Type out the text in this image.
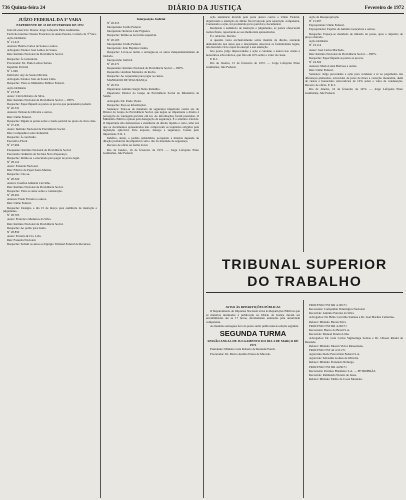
736 Quinta-feira 24	DIÁRIO DA JUSTIÇA	Fevereiro de 1972
JUÍZO FEDERAL DA 3ª VARA
EXPEDIENTE DE 13 DE FEVEREIRO DE 1972

Juiz em exercício: Doutor Jorge Lafayette Pinto Guimarães.

Escrivão interino: Doutor Francisco de Assis Pereira, Cartório da 3ª Vara.

Ação Ordinária

Nº 21.415

Autores: Benito Carlos de Sousa e outros.

Advogado: Doutor José Lemos de Sousa.

Réu: Instituto Nacional de Previdência Social.

Despacho: À Contadoria.

Procurador: Dr. Paulo Lemos Seixas.

Inquérito Policial

Nº 1.049

Indiciado: Ary de Souza Oliveira.

Advogado: Doutor João de Souza Lima.

Despacho: Vista ao Ministério Público Federal.

Ação Ordinária

Nº 23.518

Autor: Clóvis Ribeiro da Silva.

Réu: Instituto Nacional de Previdência Social — INPS.

Despacho: Especifiquem as partes as provas que pretendem produzir.

Nº 26.531

Autores: Nelson de Oliveira e outros.

Réu: União Federal.

Despacho: Digam as partes sobre o laudo pericial no prazo de cinco dias.

Nº 27.233

Autor: Instituto Nacional de Previdência Social.

Réu: Companhia Cedro Industrial.

Despacho: À conclusão.

Executivo Fiscal

Nº 27.904

Exequente: Instituto Nacional de Previdência Social.

Executado: Indústria de Tecidos Nova Esperança.

Despacho: Intime-se o executado para pagar no prazo legal.

Nº 28.116

Autor: Fazenda Nacional.

Réu: Fábrica de Papel Santa Marina.

Despacho: Cite-se.

Nº 28.320

Autora: Josefina Almeida Carvalho.

Réu: Instituto Nacional de Previdência Social.

Despacho: Vista ao autor sobre a contestação.

Nº 28.491

Autores: Paulo Ferreira e outros.

Réu: União Federal.

Despacho: Designo o dia 15 de março para audiência de instrução e julgamento.

Nº 28.703

Autor: Francisco Medeiros da Silva.

Réu: Instituto Nacional de Previdência Social.

Despacho: Ao perito para laudo.

Nº 28.850

Autor: Ferreira & Cia. Ltda.

Réu: Fazenda Nacional.

Despacho: Subam os autos ao Egrégio Tribunal Federal de Recursos.

Interposição Judicial

Nº 20.015

Interpelante: União Federal.

Interpelado: Roberto Luiz Figueira.

Despacho: Intime-se na forma requerida.

Nº 20.103

Interpelante: União Federal.

Interpelado: João Baptista Cunha.

Despacho: Lavre-se termo e entregue-se os autos independentemente de traslado.

Interposição Judicial

Nº 20.271

Requerente: Instituto Nacional de Previdência Social — INPS.

Requerido: Antônio Monteiro da Rocha.

Despacho: Ao requerente para pagar as custas.

MANDADO DE SEGURANÇA

Nº 20.351

Impetrante: Antônio Sergio Netto Ramalho.

Impetrado: Diretor do Grupo de Previdência Social do Ministério da Saúde.

Advogado: Dr. Paulo Vieira.

Despacho: Peça-se informações.

Sentença: Trata-se de mandado de segurança impetrado contra ato do Diretor do Grupo de Previdência Social, que negou ao impetrante o direito à percepção de vantagem prevista em lei. As informações foram prestadas. O Ministério Público opinou pela denegação da segurança. É o relatório. Decido. O impetrante não demonstrou a existência de direito líquido e certo, uma vez que os documentos apresentados não comprovam os requisitos exigidos pela legislação aplicável. Pelo exposto, denego a segurança. Custas pelo impetrante. P. R. I.

Indefiro, ainda, o pedido subsidiário, porquanto a matéria depende de dilação probatória incompatível com o rito do mandado de segurança.

Recorro de ofício na forma da lei.

Rio de Janeiro, 16 de fevereiro de 1972. — Jorge Lafayette Pinto Guimarães, Juiz Federal.

ação anulatória movida pela parte autora contra a União Federal, objetivando a anulação de débito fiscal lançado pela repartição competente. Contestada a ação, foi produzida prova pericial e documental.

Realizada a audiência de instrução e julgamento, as partes ofereceram razões finais, reportando-se aos memoriais apresentados.

É o relatório. Decido.

A questão versa exclusivamente sobre matéria de direito, restando demonstrado nos autos que o lançamento observou as formalidades legais, não havendo vício capaz de ensejar a sua anulação.

Isto posto, julgo improcedente a ação e condeno a autora nas custas e honorários advocatícios, que fixo em 10% sobre o valor da causa.

P. R. I.

Rio de Janeiro, 15 de fevereiro de 1972. — Jorge Lafayette Pinto Guimarães, Juiz Federal.

Ação de Desapropriação

Nº 21.007

Expropriante: União Federal.

Expropriados: Espólio de Antônio Gonçalves e outros.

Despacho: Expeça-se mandado de imissão de posse, após o depósito do preço ofertado.

Ação Ordinária

Nº 23.114

Autor: José Carlos Machado.

Réu: Instituto Nacional de Previdência Social — INPS.

Despacho: Especifiquem as partes as provas.

Nº 24.562

Autores: Maria Luiza Barbosa e outras.

Réu: União Federal.

Sentença: Julgo procedente a ação para condenar a ré ao pagamento das diferenças pleiteadas, acrescidas de juros de mora e correção monetária, além de custas e honorários advocatícios de 10% sobre o valor da condenação. Recorro de ofício. P. R. I.

Rio de Janeiro, 16 de fevereiro de 1972. — Jorge Lafayette Pinto Guimarães, Juiz Federal.

TRIBUNAL SUPERIOR
DO TRABALHO
AVISO ÀS REPARTIÇÕES PÚBLICAS

O Departamento de Imprensa Nacional avisa às Repartições Públicas que as matérias destinadas à publicação no Diário da Justiça devem ser encaminhadas até as 17 horas, devidamente assinadas pela autoridade competente.

As matérias entregues fora do prazo serão publicadas na edição seguinte.

SEGUNDA TURMA
SESSÃO ANUAL DE JULGAMENTO DO DIA 4 DE MARÇO DE 1972

Presidente: Ministro Luiz Roberto de Rezende Puech.

Procurador: Dr. Marco Aurélio Prates de Macedo.

PROCESSO TST RR 4.165/71

Recorrente: Companhia Siderúrgica Nacional.

Recorrido: Antônio Ferreira da Silva.

Advogados: Dr. Hélio Carvalho Santana e Dr. José Martins Catharino.

Relator: Ministro Barata Silva.

PROCESSO TST RR 4.202/71

Recorrente: Banco do Brasil S.A.

Recorrido: Manoel Pereira Lima.

Advogados: Dr. Luiz Carlos Sigmaringa Seixas e Dr. Ulisses Riedel de Resende.

Relator: Ministro Mozart Victor Russomano.

PROCESSO TST AI 4.511/71

Agravante: Rede Ferroviária Federal S.A.

Agravado: Sebastião Gomes de Oliveira.

Relator: Ministro Fernando Nóbrega.

PROCESSO TST RR 4.630/71

Recorrente: Petróleo Brasileiro S.A. — PETROBRÁS.

Recorrido: Raimundo Nonato de Jesus.

Relator: Ministro Thélio da Costa Monteiro.
